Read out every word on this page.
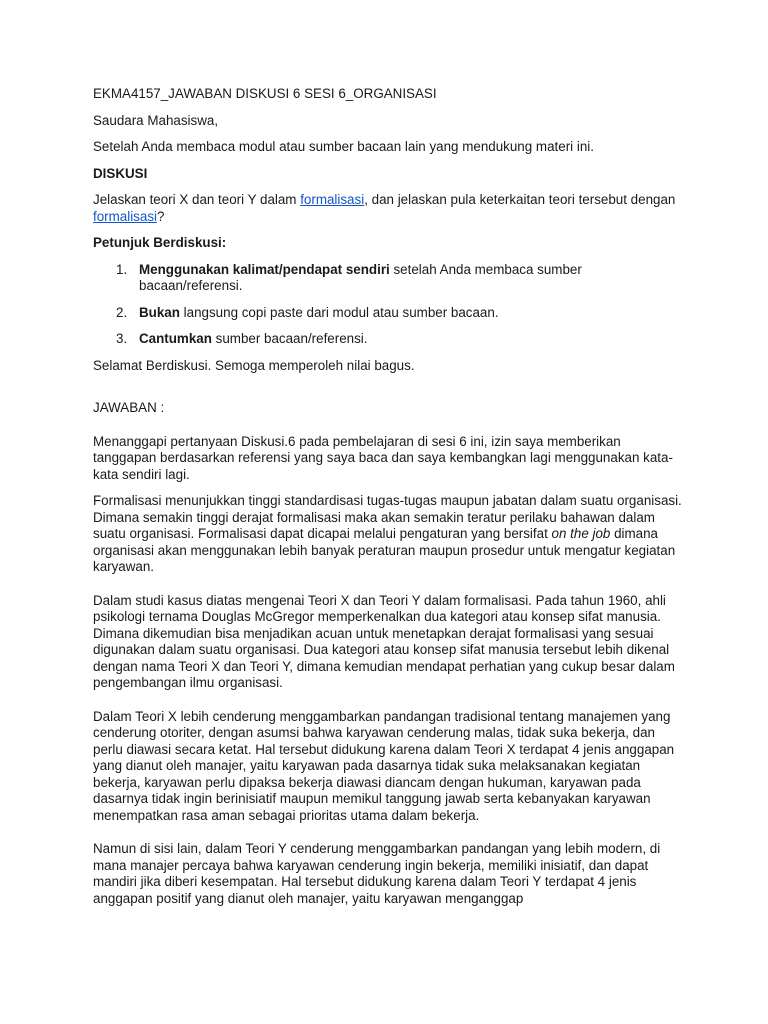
EKMA4157_JAWABAN DISKUSI 6 SESI 6_ORGANISASI

Saudara Mahasiswa,

Setelah Anda membaca modul atau sumber bacaan lain yang mendukung materi ini.

DISKUSI

Jelaskan teori X dan teori Y dalam formalisasi, dan jelaskan pula keterkaitan teori tersebut dengan formalisasi?

Petunjuk Berdiskusi:

1. Menggunakan kalimat/pendapat sendiri setelah Anda membaca sumber bacaan/referensi.
2. Bukan langsung copi paste dari modul atau sumber bacaan.
3. Cantumkan sumber bacaan/referensi.

Selamat Berdiskusi. Semoga memperoleh nilai bagus.

JAWABAN :

Menanggapi pertanyaan Diskusi.6 pada pembelajaran di sesi 6 ini, izin saya memberikan tanggapan berdasarkan referensi yang saya baca dan saya kembangkan lagi menggunakan kata-kata sendiri lagi.

Formalisasi menunjukkan tinggi standardisasi tugas-tugas maupun jabatan dalam suatu organisasi. Dimana semakin tinggi derajat formalisasi maka akan semakin teratur perilaku bahawan dalam suatu organisasi. Formalisasi dapat dicapai melalui pengaturan yang bersifat on the job dimana organisasi akan menggunakan lebih banyak peraturan maupun prosedur untuk mengatur kegiatan karyawan.

Dalam studi kasus diatas mengenai Teori X dan Teori Y dalam formalisasi. Pada tahun 1960, ahli psikologi ternama Douglas McGregor memperkenalkan dua kategori atau konsep sifat manusia. Dimana dikemudian bisa menjadikan acuan untuk menetapkan derajat formalisasi yang sesuai digunakan dalam suatu organisasi. Dua kategori atau konsep sifat manusia tersebut lebih dikenal dengan nama Teori X dan Teori Y, dimana kemudian mendapat perhatian yang cukup besar dalam pengembangan ilmu organisasi.

Dalam Teori X lebih cenderung menggambarkan pandangan tradisional tentang manajemen yang cenderung otoriter, dengan asumsi bahwa karyawan cenderung malas, tidak suka bekerja, dan perlu diawasi secara ketat. Hal tersebut didukung karena dalam Teori X terdapat 4 jenis anggapan yang dianut oleh manajer, yaitu karyawan pada dasarnya tidak suka melaksanakan kegiatan bekerja, karyawan perlu dipaksa bekerja diawasi diancam dengan hukuman, karyawan pada dasarnya tidak ingin berinisiatif maupun memikul tanggung jawab serta kebanyakan karyawan menempatkan rasa aman sebagai prioritas utama dalam bekerja.

Namun di sisi lain, dalam Teori Y cenderung menggambarkan pandangan yang lebih modern, di mana manajer percaya bahwa karyawan cenderung ingin bekerja, memiliki inisiatif, dan dapat mandiri jika diberi kesempatan. Hal tersebut didukung karena dalam Teori Y terdapat 4 jenis anggapan positif yang dianut oleh manajer, yaitu karyawan menganggap
